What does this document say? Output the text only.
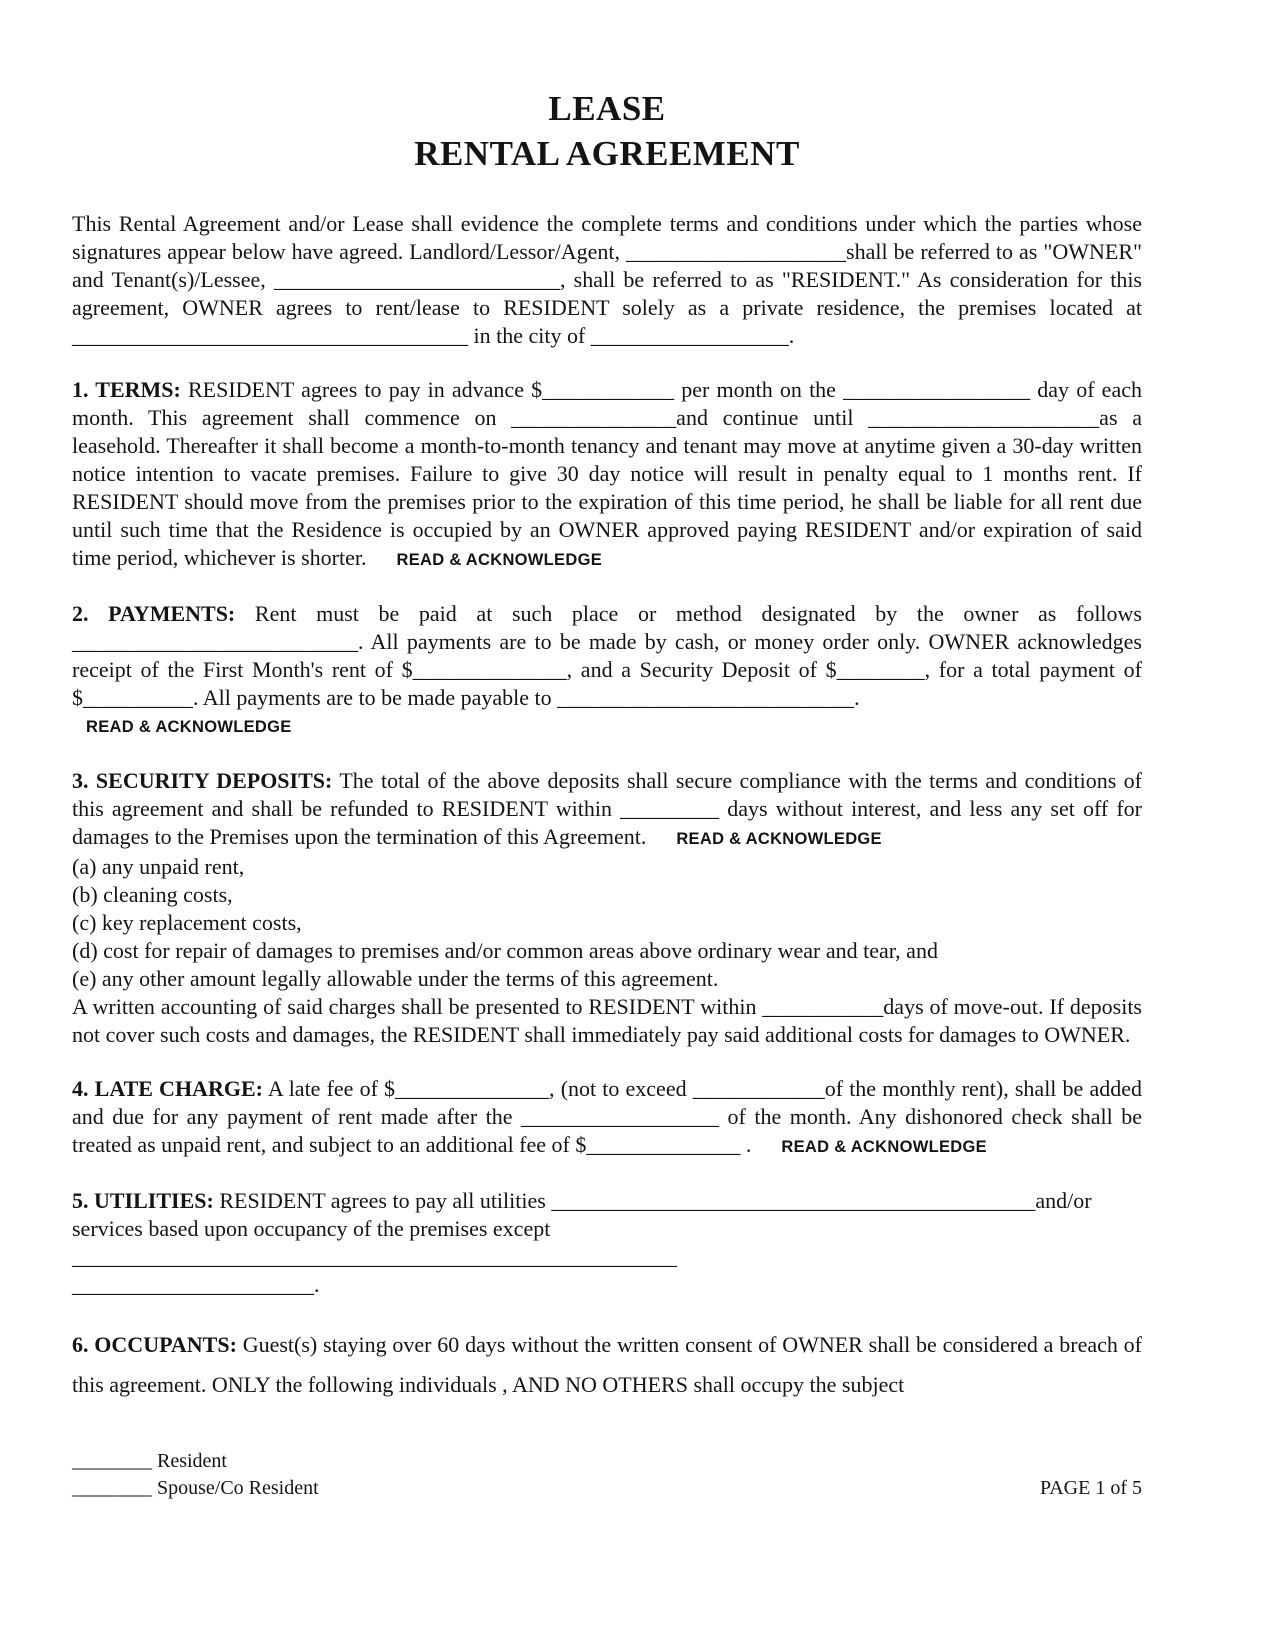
LEASE
RENTAL AGREEMENT

This Rental Agreement and/or Lease shall evidence the complete terms and conditions under which the parties whose signatures appear below have agreed. Landlord/Lessor/Agent, ____________________shall be referred to as "OWNER" and Tenant(s)/Lessee, __________________________, shall be referred to as "RESIDENT." As consideration for this agreement, OWNER agrees to rent/lease to RESIDENT solely as a private residence, the premises located at ____________________________________ in the city of __________________.

1. TERMS: RESIDENT agrees to pay in advance $____________ per month on the _________________ day of each month. This agreement shall commence on _______________and continue until _____________________as a leasehold. Thereafter it shall become a month-to-month tenancy and tenant may move at anytime given a 30-day written notice intention to vacate premises. Failure to give 30 day notice will result in penalty equal to 1 months rent. If RESIDENT should move from the premises prior to the expiration of this time period, he shall be liable for all rent due until such time that the Residence is occupied by an OWNER approved paying RESIDENT and/or expiration of said time period, whichever is shorter. READ & ACKNOWLEDGE

2. PAYMENTS: Rent must be paid at such place or method designated by the owner as follows __________________________. All payments are to be made by cash, or money order only. OWNER acknowledges receipt of the First Month's rent of $______________, and a Security Deposit of $________, for a total payment of $__________. All payments are to be made payable to ___________________________.

READ & ACKNOWLEDGE

3. SECURITY DEPOSITS: The total of the above deposits shall secure compliance with the terms and conditions of this agreement and shall be refunded to RESIDENT within _________ days without interest, and less any set off for damages to the Premises upon the termination of this Agreement. READ & ACKNOWLEDGE

(a) any unpaid rent,
(b) cleaning costs,
(c) key replacement costs,
(d) cost for repair of damages to premises and/or common areas above ordinary wear and tear, and
(e) any other amount legally allowable under the terms of this agreement.

A written accounting of said charges shall be presented to RESIDENT within ___________days of move-out. If deposits not cover such costs and damages, the RESIDENT shall immediately pay said additional costs for damages to OWNER.

4. LATE CHARGE: A late fee of $______________, (not to exceed ____________of the monthly rent), shall be added and due for any payment of rent made after the __________________ of the month. Any dishonored check shall be treated as unpaid rent, and subject to an additional fee of $______________ . READ & ACKNOWLEDGE

5. UTILITIES: RESIDENT agrees to pay all utilities ____________________________________________and/or
services based upon occupancy of the premises except _______________________________________________________
______________________.

6. OCCUPANTS: Guest(s) staying over 60 days without the written consent of OWNER shall be considered a breach of this agreement. ONLY the following individuals , AND NO OTHERS shall occupy the subject

________ Resident
________ Spouse/Co Resident	PAGE 1 of 5
